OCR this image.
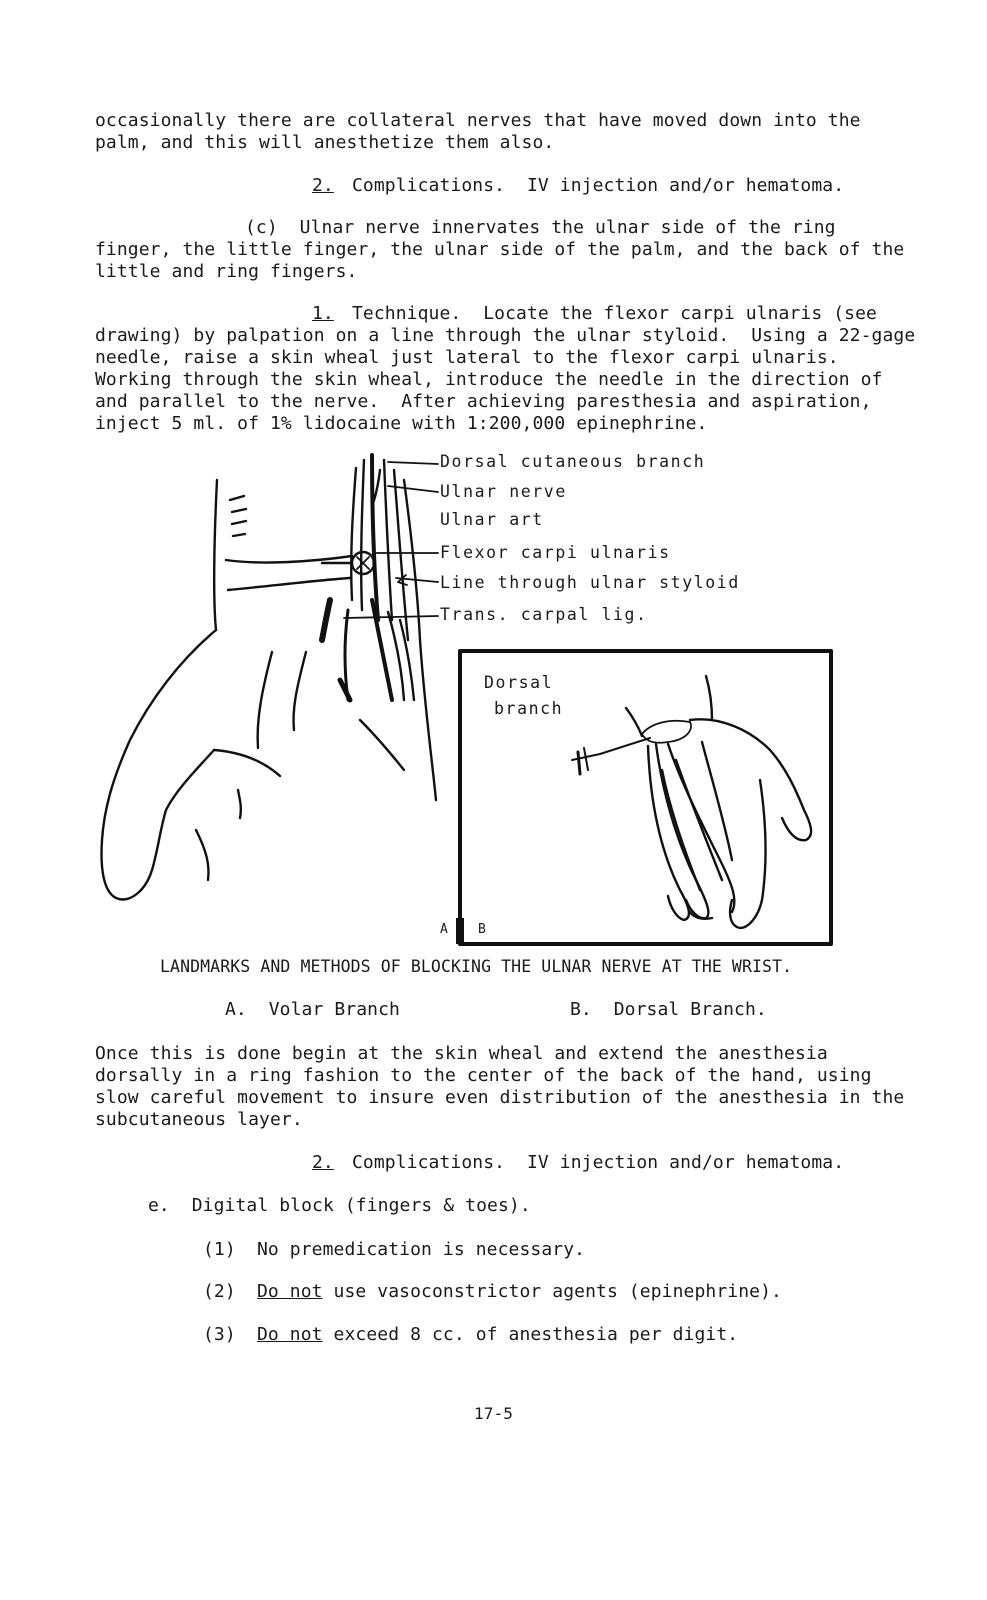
occasionally there are collateral nerves that have moved down into the
palm, and this will anesthetize them also.
2. Complications.  IV injection and/or hematoma.
(c)  Ulnar nerve innervates the ulnar side of the ring
finger, the little finger, the ulnar side of the palm, and the back of the
little and ring fingers.
1. Technique.  Locate the flexor carpi ulnaris (see
drawing) by palpation on a line through the ulnar styloid.  Using a 22-gage
needle, raise a skin wheal just lateral to the flexor carpi ulnaris.
Working through the skin wheal, introduce the needle in the direction of
and parallel to the nerve.  After achieving paresthesia and aspiration,
inject 5 ml. of 1% lidocaine with 1:200,000 epinephrine.
Dorsal cutaneous branch
Ulnar nerve
Ulnar art
Flexor carpi ulnaris
Line through ulnar styloid
Trans. carpal lig.
Dorsal
branch
A B
LANDMARKS AND METHODS OF BLOCKING THE ULNAR NERVE AT THE WRIST.
A.  Volar Branch	B.  Dorsal Branch.
Once this is done begin at the skin wheal and extend the anesthesia
dorsally in a ring fashion to the center of the back of the hand, using
slow careful movement to insure even distribution of the anesthesia in the
subcutaneous layer.
2. Complications.  IV injection and/or hematoma.
e.  Digital block (fingers & toes).
(1) No premedication is necessary.
(2) Do not use vasoconstrictor agents (epinephrine).
(3) Do not exceed 8 cc. of anesthesia per digit.
17-5
